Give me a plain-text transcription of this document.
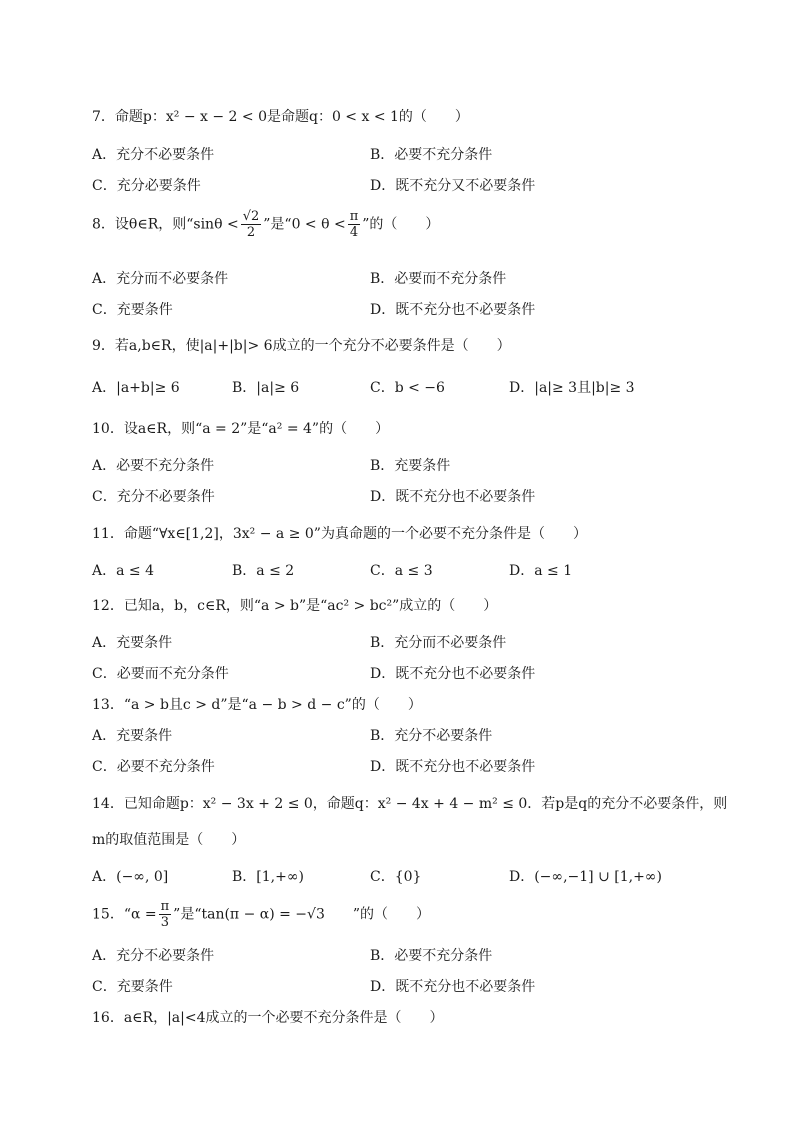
7．命题p：x² − x − 2 < 0是命题q：0 < x < 1的（　　）
A．充分不必要条件	B．必要不充分条件
C．充分必要条件	D．既不充分又不必要条件
8．设θ∈R，则“$\sin\theta < \frac{√2}{2}$ ”是“$0 < \theta < \frac{\pi}{4}$ ”的（　　）
A．充分而不必要条件	B．必要而不充分条件
C．充要条件	D．既不充分也不必要条件
9．若a,b∈R，使|a|+|b|> 6成立的一个充分不必要条件是（　　）
A．|a+b|≥ 6	B．|a|≥ 6	C．b < −6	D．|a|≥ 3且|b|≥ 3
10．设a∈R，则“a = 2”是“a² = 4”的（　　）
A．必要不充分条件	B．充要条件
C．充分不必要条件	D．既不充分也不必要条件
11．命题“∀x∈[1,2]，3x² − a ≥ 0”为真命题的一个必要不充分条件是（　　）
A．a ≤ 4	B．a ≤ 2	C．a ≤ 3	D．a ≤ 1
12．已知a，b，c∈R，则“a > b”是“ac² > bc²”成立的（　　）
A．充要条件	B．充分而不必要条件
C．必要而不充分条件	D．既不充分也不必要条件
13．“a > b且c > d”是“a − b > d − c”的（　　）
A．充要条件	B．充分不必要条件
C．必要不充分条件	D．既不充分也不必要条件
14．已知命题p：x² − 3x + 2 ≤ 0，命题q：x² − 4x + 4 − m² ≤ 0．若p是q的充分不必要条件，则
m的取值范围是（　　）
A．(−∞, 0]	B．[1,+∞)	C．{0}	D．(−∞,−1] ∪ [1,+∞)
15．“$\alpha = \frac{\pi}{3}$ ”是“tan(π − α) = −√3　　”的（　　）
A．充分不必要条件	B．必要不充分条件
C．充要条件	D．既不充分也不必要条件
16．a∈R，|a|<4成立的一个必要不充分条件是（　　）
